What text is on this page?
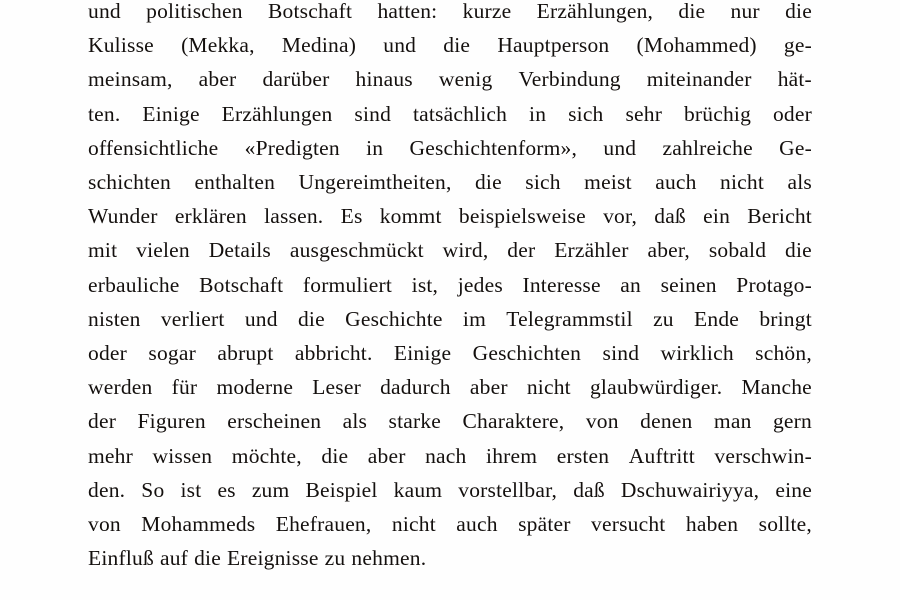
und politischen Botschaft hatten: kurze Erzählungen, die nur die
Kulisse (Mekka, Medina) und die Hauptperson (Mohammed) ge-
meinsam, aber darüber hinaus wenig Verbindung miteinander hät-
ten. Einige Erzählungen sind tatsächlich in sich sehr brüchig oder
offensichtliche «Predigten in Geschichtenform», und zahlreiche Ge-
schichten enthalten Ungereimtheiten, die sich meist auch nicht als
Wunder erklären lassen. Es kommt beispielsweise vor, daß ein Bericht
mit vielen Details ausgeschmückt wird, der Erzähler aber, sobald die
erbauliche Botschaft formuliert ist, jedes Interesse an seinen Protago-
nisten verliert und die Geschichte im Telegrammstil zu Ende bringt
oder sogar abrupt abbricht. Einige Geschichten sind wirklich schön,
werden für moderne Leser dadurch aber nicht glaubwürdiger. Manche
der Figuren erscheinen als starke Charaktere, von denen man gern
mehr wissen möchte, die aber nach ihrem ersten Auftritt verschwin-
den. So ist es zum Beispiel kaum vorstellbar, daß Dschuwairiyya, eine
von Mohammeds Ehefrauen, nicht auch später versucht haben sollte,
Einfluß auf die Ereignisse zu nehmen.
